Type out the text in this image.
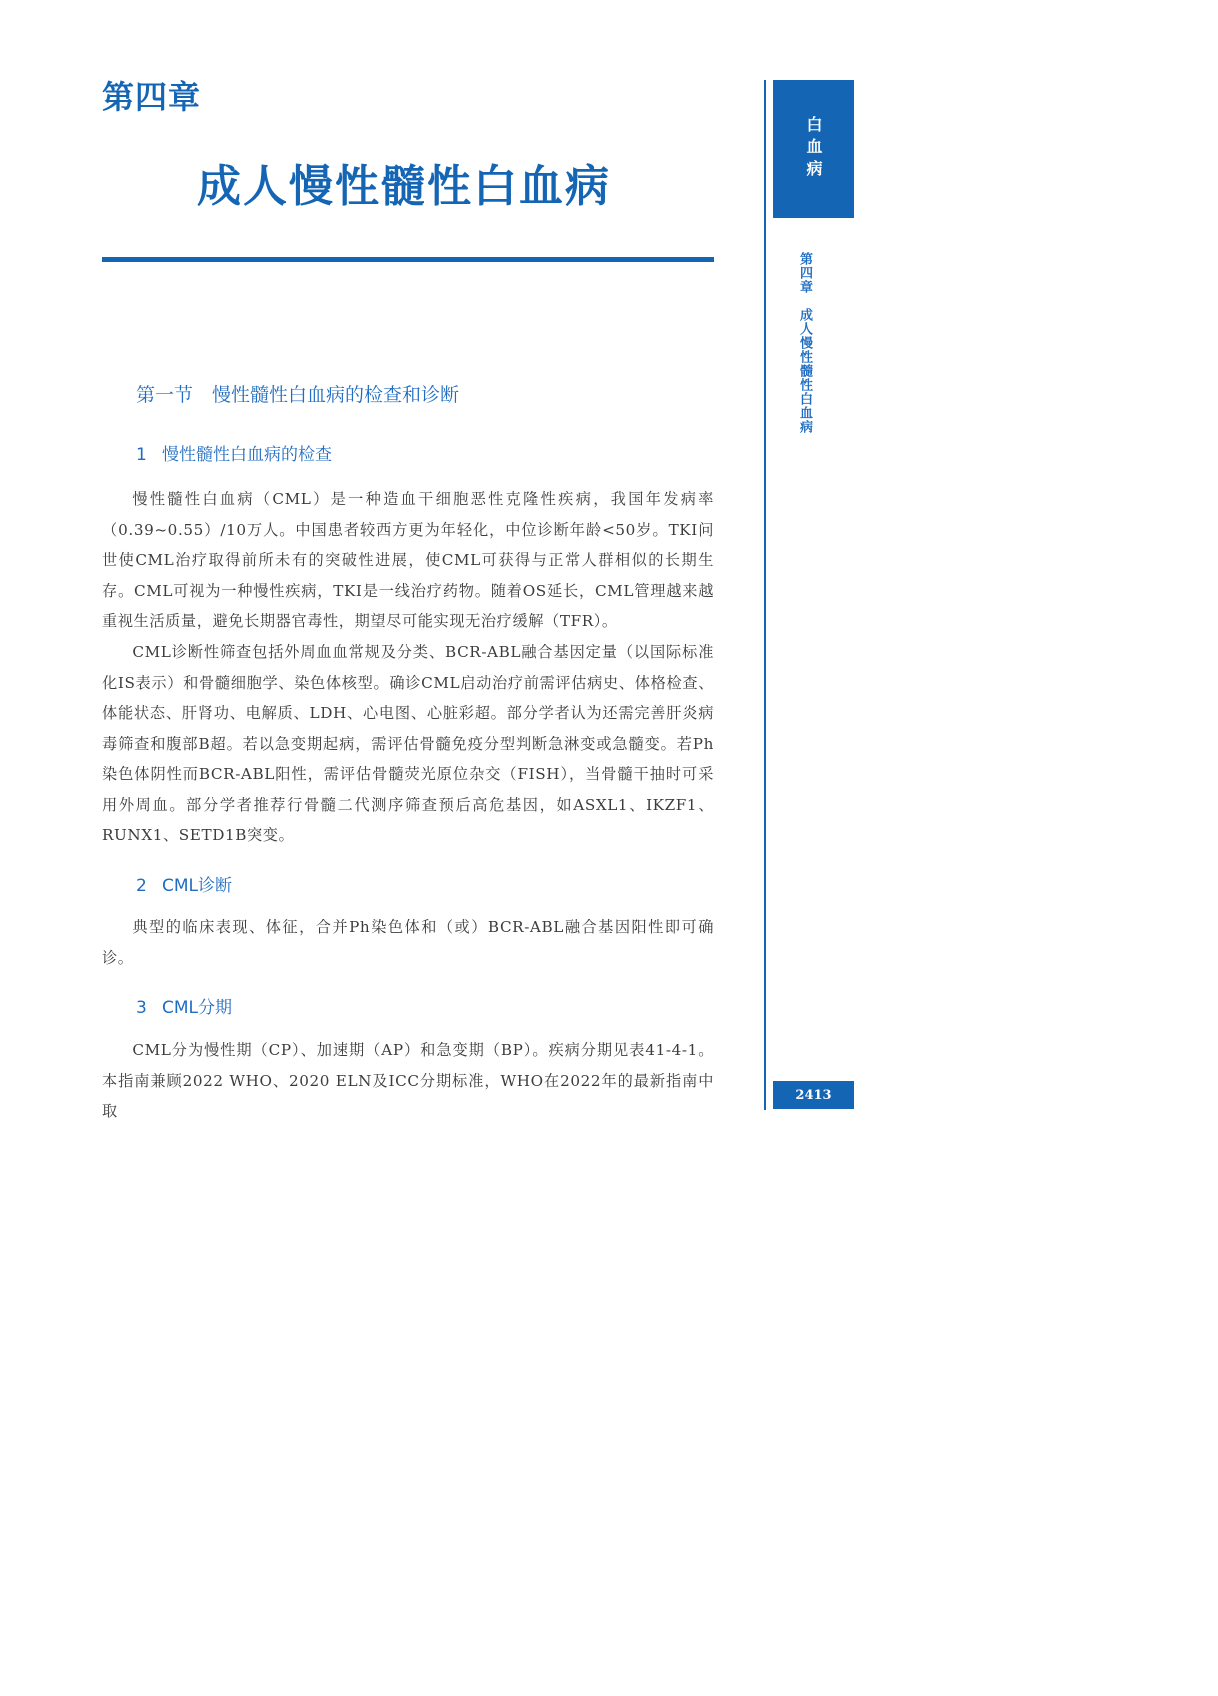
第四章
成人慢性髓性白血病
第一节　慢性髓性白血病的检查和诊断
1 慢性髓性白血病的检查

慢性髓性白血病（CML）是一种造血干细胞恶性克隆性疾病，我国年发病率（0.39~0.55）/10万人。中国患者较西方更为年轻化，中位诊断年龄<50岁。TKI问世使CML治疗取得前所未有的突破性进展，使CML可获得与正常人群相似的长期生存。CML可视为一种慢性疾病，TKI是一线治疗药物。随着OS延长，CML管理越来越重视生活质量，避免长期器官毒性，期望尽可能实现无治疗缓解（TFR）。

CML诊断性筛查包括外周血血常规及分类、BCR-ABL融合基因定量（以国际标准化IS表示）和骨髓细胞学、染色体核型。确诊CML启动治疗前需评估病史、体格检查、体能状态、肝肾功、电解质、LDH、心电图、心脏彩超。部分学者认为还需完善肝炎病毒筛查和腹部B超。若以急变期起病，需评估骨髓免疫分型判断急淋变或急髓变。若Ph染色体阴性而BCR-ABL阳性，需评估骨髓荧光原位杂交（FISH），当骨髓干抽时可采用外周血。部分学者推荐行骨髓二代测序筛查预后高危基因，如ASXL1、IKZF1、RUNX1、SETD1B突变。

2 CML诊断

典型的临床表现、体征，合并Ph染色体和（或）BCR-ABL融合基因阳性即可确诊。

3 CML分期

CML分为慢性期（CP）、加速期（AP）和急变期（BP）。疾病分期见表41-4-1。本指南兼顾2022 WHO、2020 ELN及ICC分期标准，WHO在2022年的最新指南中取

白血病
第四章　成人慢性髓性白血病
2413
